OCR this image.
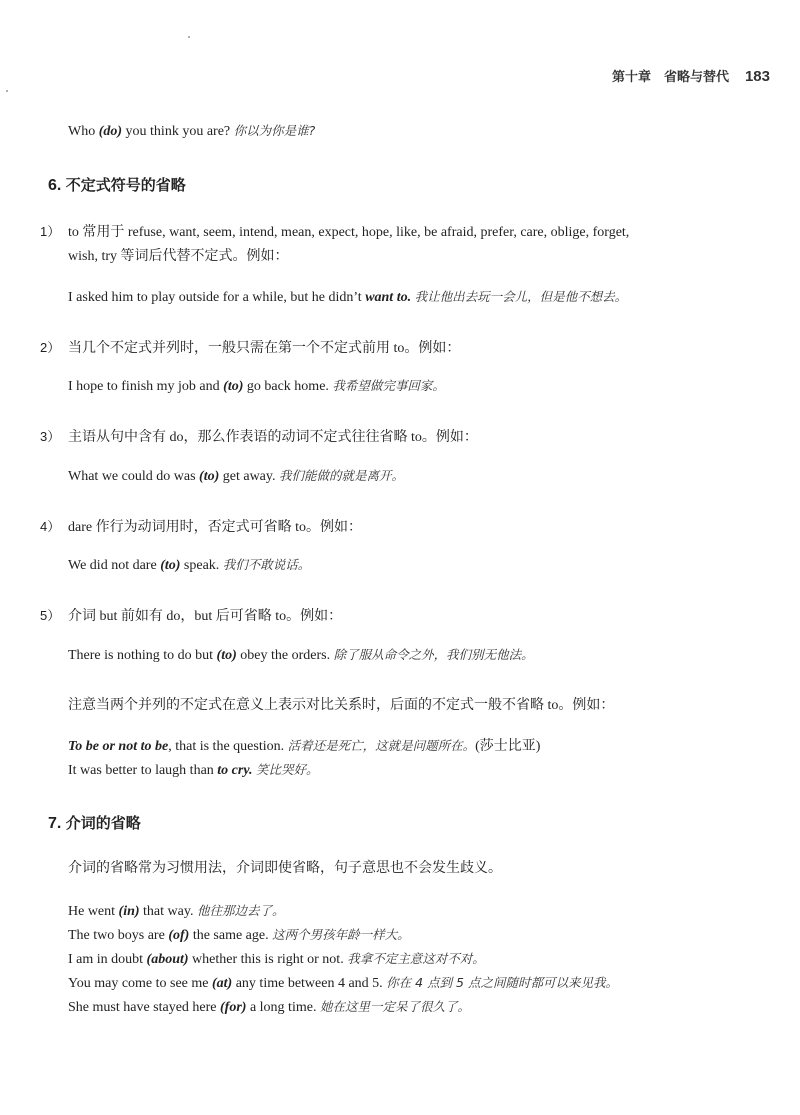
第十章　省略与替代 183
Who (do) you think you are? 你以为你是谁?
6. 不定式符号的省略
1） to 常用于 refuse, want, seem, intend, mean, expect, hope, like, be afraid, prefer, care, oblige, forget,
wish, try 等词后代替不定式。例如：
I asked him to play outside for a while, but he didn’t want to. 我让他出去玩一会儿，但是他不想去。
2） 当几个不定式并列时，一般只需在第一个不定式前用 to。例如：
I hope to finish my job and (to) go back home. 我希望做完事回家。
3） 主语从句中含有 do，那么作表语的动词不定式往往省略 to。例如：
What we could do was (to) get away. 我们能做的就是离开。
4） dare 作行为动词用时，否定式可省略 to。例如：
We did not dare (to) speak. 我们不敢说话。
5） 介词 but 前如有 do，but 后可省略 to。例如：
There is nothing to do but (to) obey the orders. 除了服从命令之外，我们别无他法。
注意当两个并列的不定式在意义上表示对比关系时，后面的不定式一般不省略 to。例如：
To be or not to be, that is the question. 活着还是死亡，这就是问题所在。(莎士比亚)
It was better to laugh than to cry. 笑比哭好。
7. 介词的省略
介词的省略常为习惯用法，介词即使省略，句子意思也不会发生歧义。
He went (in) that way. 他往那边去了。
The two boys are (of) the same age. 这两个男孩年龄一样大。
I am in doubt (about) whether this is right or not. 我拿不定主意这对不对。
You may come to see me (at) any time between 4 and 5. 你在 4 点到 5 点之间随时都可以来见我。
She must have stayed here (for) a long time. 她在这里一定呆了很久了。
